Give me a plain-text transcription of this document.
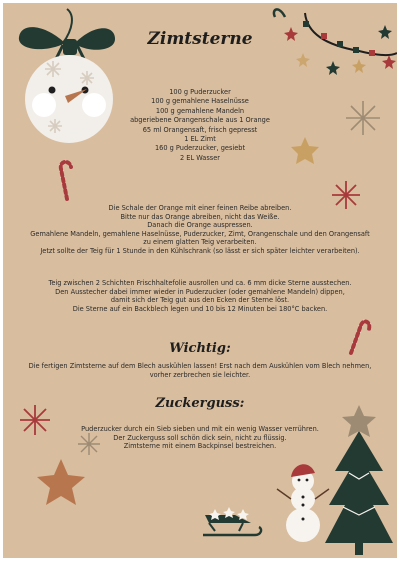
Zimtsterne
100 g Puderzucker
100 g gemahlene Haselnüsse
100 g gemahlene Mandeln
abgeriebene Orangenschale aus 1 Orange
65 ml Orangensaft, frisch gepresst
1 EL Zimt
160 g Puderzucker, gesiebt
2 EL Wasser
Die Schale der Orange mit einer feinen Reibe abreiben.
Bitte nur das Orange abreiben, nicht das Weiße.
Danach die Orange auspressen.
Gemahlene Mandeln, gemahlene Haselnüsse, Puderzucker, Zimt, Orangenschale und den Orangensaft
zu einem glatten Teig verarbeiten.
Jetzt sollte der Teig für 1 Stunde in den Kühlschrank (so lässt er sich später leichter verarbeiten).
Teig zwischen 2 Schichten Frischhaltefolie ausrollen und ca. 6 mm dicke Sterne ausstechen.
Den Ausstecher dabei immer wieder in Puderzucker (oder gemahlene Mandeln) dippen,
damit sich der Teig gut aus den Ecken der Sterne löst.
Die Sterne auf ein Backblech legen und 10 bis 12 Minuten bei 180°C backen.
Wichtig:
Die fertigen Zimtsterne auf dem Blech auskühlen lassen! Erst nach dem Auskühlen vom Blech nehmen,
vorher zerbrechen sie leichter.
Zuckerguss:
Puderzucker durch ein Sieb sieben und mit ein wenig Wasser verrühren.
Der Zuckerguss soll schön dick sein, nicht zu flüssig.
Zimtsterne mit einem Backpinsel bestreichen.
